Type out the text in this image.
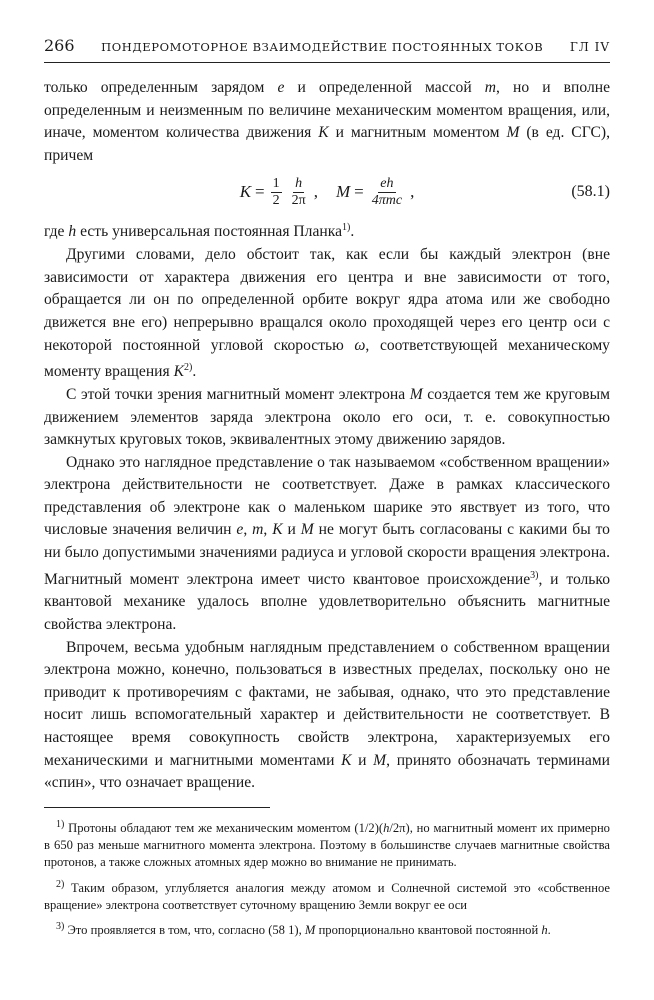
266	ПОНДЕРОМОТОРНОЕ ВЗАИМОДЕЙСТВИЕ ПОСТОЯННЫХ ТОКОВ	ГЛ IV

только определенным зарядом e и определенной массой m, но и вполне определенным и неизменным по величине механическим моментом вращения, или, иначе, моментом количества движения K и магнитным моментом M (в ед. СГС), причем

$K = \frac{1}{2} \frac{h}{2\pi}$ , $M = \frac{eh}{\text{4πmc}}$ ,	(58.1)

где h есть универсальная постоянная Планка$^{1)}$.

Другими словами, дело обстоит так, как если бы каждый электрон (вне зависимости от характера движения его центра и вне зависимости от того, обращается ли он по определенной орбите вокруг ядра атома или же свободно движется вне его) непрерывно вращался около проходящей через его центр оси с некоторой постоянной угловой скоростью ω, соответствующей механическому моменту вращения $K^{2)}$.

С этой точки зрения магнитный момент электрона M создается тем же круговым движением элементов заряда электрона около его оси, т. е. совокупностью замкнутых круговых токов, эквивалентных этому движению зарядов.

Однако это наглядное представление о так называемом «собственном вращении» электрона действительности не соответствует. Даже в рамках классического представления об электроне как о маленьком шарике это явствует из того, что числовые значения величин e, m, K и M не могут быть согласованы с какими бы то ни было допустимыми значениями радиуса и угловой скорости вращения электрона. Магнитный момент электрона имеет чисто квантовое происхождение$^{3)}$, и только квантовой механике удалось вполне удовлетворительно объяснить магнитные свойства электрона.

Впрочем, весьма удобным наглядным представлением о собственном вращении электрона можно, конечно, пользоваться в известных пределах, поскольку оно не приводит к противоречиям с фактами, не забывая, однако, что это представление носит лишь вспомогательный характер и действительности не соответствует. В настоящее время совокупность свойств электрона, характеризуемых его механическими и магнитными моментами K и M, принято обозначать терминами «спин», что означает вращение.

$^{1)}$ Протоны обладают тем же механическим моментом (1/2)(h/2π), но магнитный момент их примерно в 650 раз меньше магнитного момента электрона. Поэтому в большинстве случаев магнитные свойства протонов, а также сложных атомных ядер можно во внимание не принимать.

$^{2)}$ Таким образом, углубляется аналогия между атомом и Солнечной системой это «собственное вращение» электрона соответствует суточному вращению Земли вокруг ее оси

$^{3)}$ Это проявляется в том, что, согласно (58 1), M пропорционально квантовой постоянной h.
